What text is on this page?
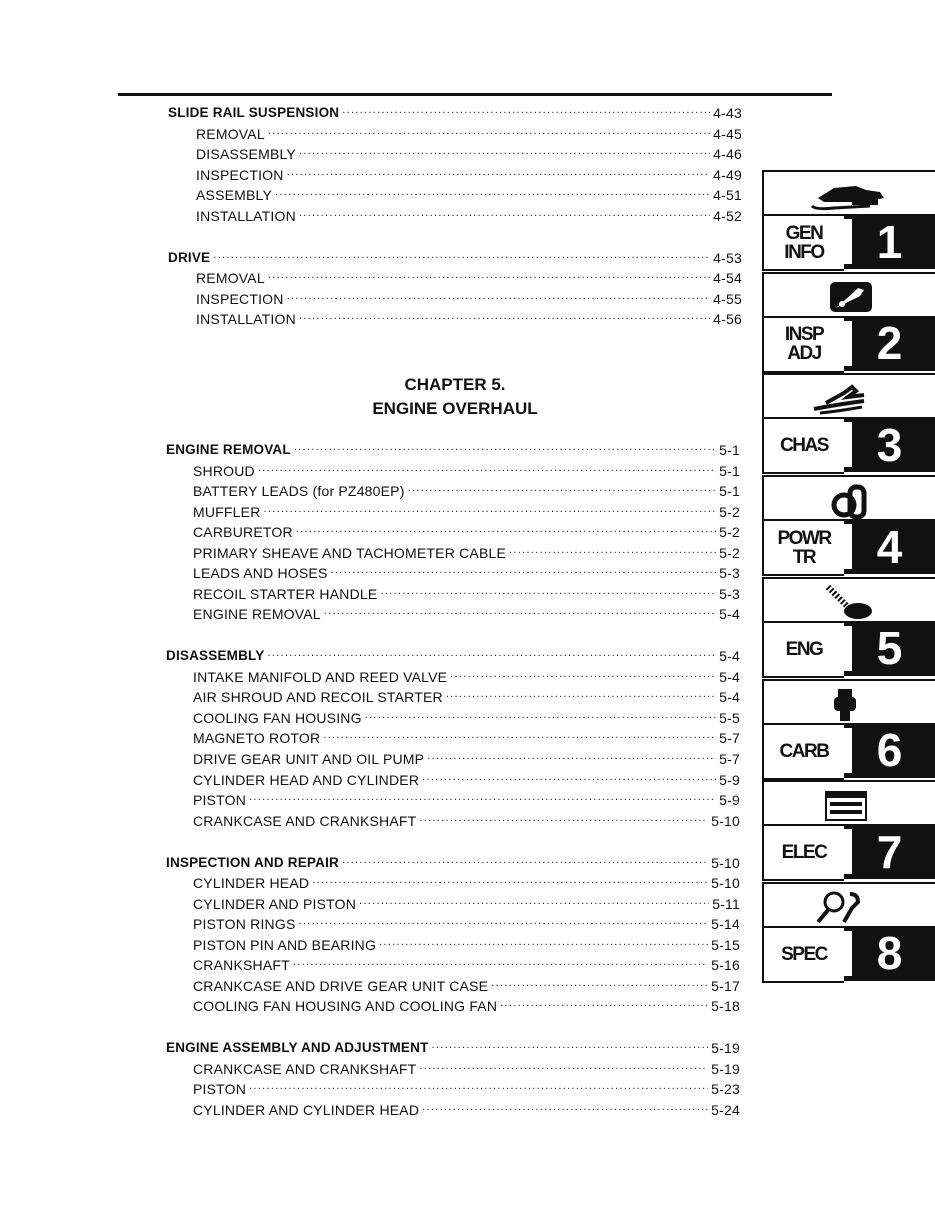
SLIDE RAIL SUSPENSION .....	4-43
REMOVAL .....	4-45
DISASSEMBLY .....	4-46
INSPECTION .....	4-49
ASSEMBLY .....	4-51
INSTALLATION .....	4-52
DRIVE .....	4-53
REMOVAL .....	4-54
INSPECTION .....	4-55
INSTALLATION .....	4-56
ENGINE REMOVAL .....	5-1
SHROUD .....	5-1
BATTERY LEADS (for PZ480EP) .....	5-1
MUFFLER .....	5-2
CARBURETOR .....	5-2
PRIMARY SHEAVE AND TACHOMETER CABLE .....	5-2
LEADS AND HOSES .....	5-3
RECOIL STARTER HANDLE .....	5-3
ENGINE REMOVAL .....	5-4
DISASSEMBLY .....	5-4
INTAKE MANIFOLD AND REED VALVE .....	5-4
AIR SHROUD AND RECOIL STARTER .....	5-4
COOLING FAN HOUSING .....	5-5
MAGNETO ROTOR .....	5-7
DRIVE GEAR UNIT AND OIL PUMP .....	5-7
CYLINDER HEAD AND CYLINDER .....	5-9
PISTON .....	5-9
CRANKCASE AND CRANKSHAFT .....	5-10
INSPECTION AND REPAIR .....	5-10
CYLINDER HEAD .....	5-10
CYLINDER AND PISTON .....	5-11
PISTON RINGS .....	5-14
PISTON PIN AND BEARING .....	5-15
CRANKSHAFT .....	5-16
CRANKCASE AND DRIVE GEAR UNIT CASE .....	5-17
COOLING FAN HOUSING AND COOLING FAN .....	5-18
ENGINE ASSEMBLY AND ADJUSTMENT .....	5-19
CRANKCASE AND CRANKSHAFT .....	5-19
PISTON .....	5-23
CYLINDER AND CYLINDER HEAD .....	5-24
CHAPTER 5.
ENGINE OVERHAUL
GEN
INFO 1
INSP
ADJ 2
CHAS 3
POWR
TR	4
ENG 5
CARB 6
ELEC 7
SPEC 8
